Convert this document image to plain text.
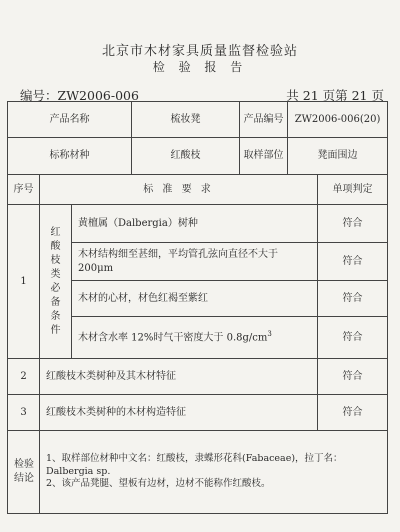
北京市木材家具质量监督检验站
检 验 报 告
编号：ZW2006-006	共 21 页第 21 页
产品名称			梳妆凳	产品编号	ZW2006-006(20)	
标称材种			红酸枝	取样部位	凳面围边	
序号	标 准 要 求					单项判定
1	红酸枝类必备条件	黄檀属（Dalbergia）树种				符合
		木材结构细至甚细，平均管孔弦向直径不大于 200μm				符合
		木材的心材，材色红褐至紫红				符合
		木材含水率 12%时气干密度大于 $0.8g/cm^3$				符合
2	红酸枝木类树种及其木材特征					符合
3	红酸枝木类树种的木材构造特征					符合

检验结论	1、取样部位材种中文名：红酸枝，隶蝶形花科(Fabaceae)，拉丁名：Dalbergia sp.
2、该产品凳腿、望板有边材，边材不能称作红酸枝。					
